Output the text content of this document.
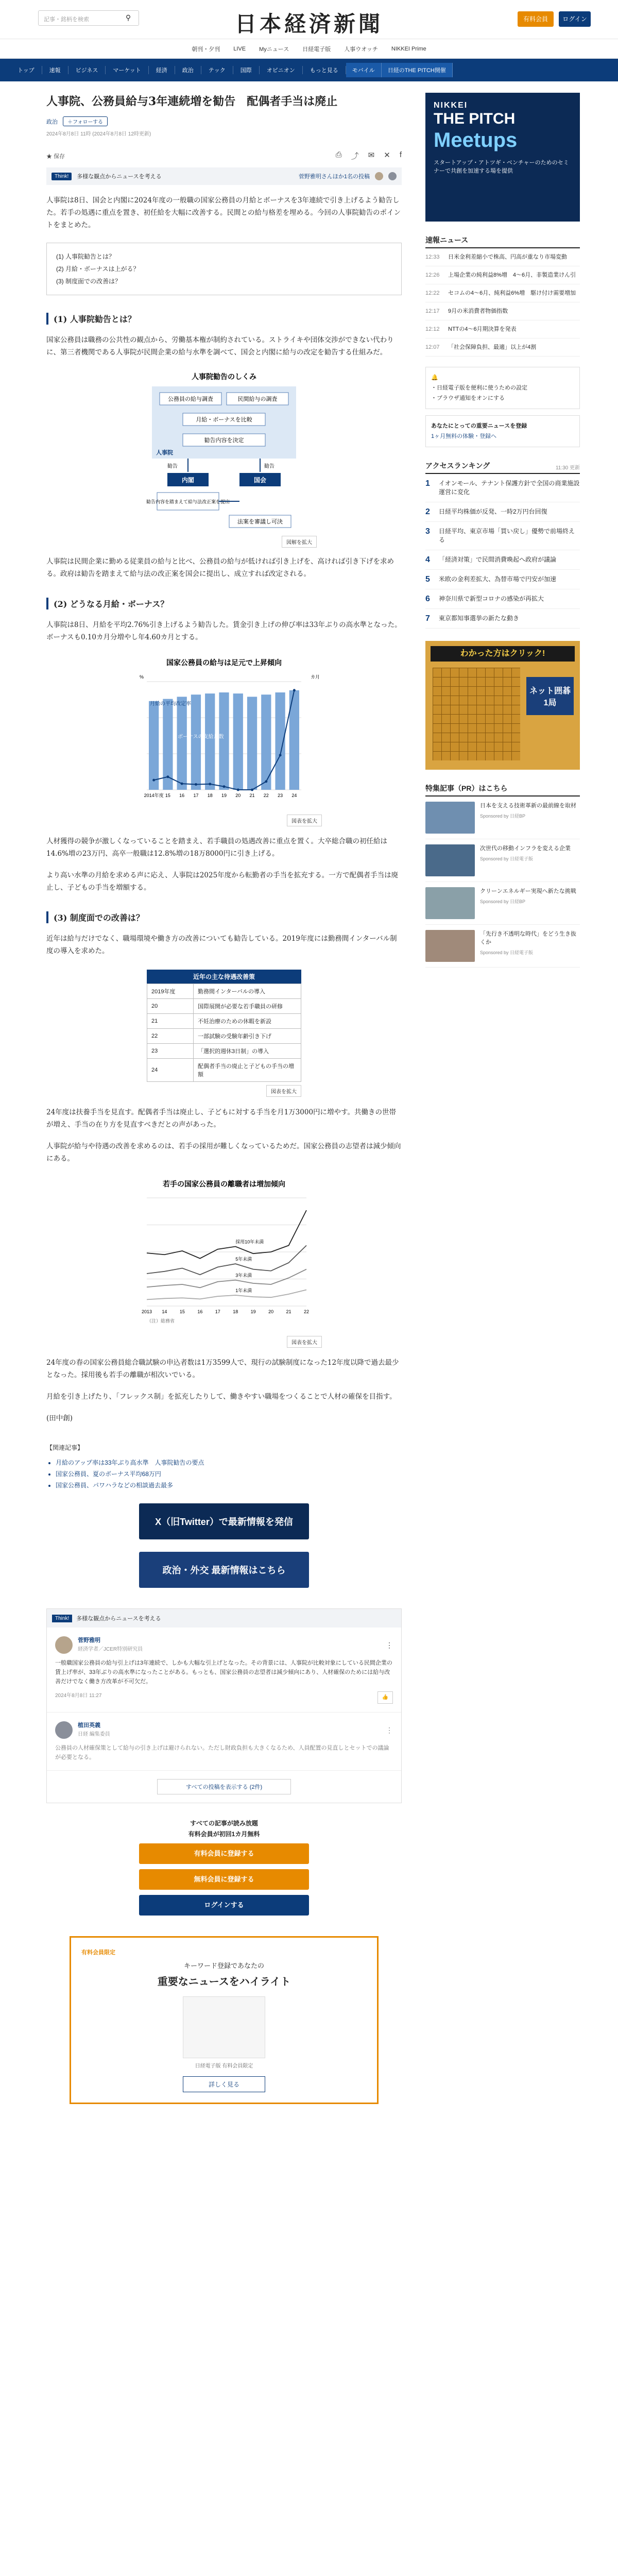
記事・銘柄を検索	⚲	日本経済新聞	有料会員	ログイン
朝刊・夕刊 LIVE Myニュース 日経電子版 人事ウオッチ NIKKEI Prime
トップ	速報	ビジネス	マーケット	経済	政治	テック	国際	オピニオン	もっと見る	モバイル	日経のTHE PITCH開催
人事院、公務員給与3年連続増を勧告　配偶者手当は廃止
政治	＋フォローする
2024年8月8日 11時 (2024年8月8日 12時更新)
★ 保存	⎙ ⤴ ✉ ✕ f
Think!	多様な観点からニュースを考える	菅野雅明さんほか1名の投稿

人事院は8日、国会と内閣に2024年度の一般職の国家公務員の月給とボーナスを3年連続で引き上げるよう勧告した。若手の処遇に重点を置き、初任給を大幅に改善する。民間との給与格差を埋める。今回の人事院勧告のポイントをまとめた。

(1) 人事院勧告とは？
(2) 月給・ボーナスは上がる？
(3) 制度面での改善は？
(1) 人事院勧告とは？

国家公務員は職務の公共性の観点から、労働基本権が制約されている。ストライキや団体交渉ができない代わりに、第三者機関である人事院が民間企業の給与水準を調べて、国会と内閣に給与の改定を勧告する仕組みだ。

人事院勧告のしくみ
公務員の給与調査	民間給与の調査
月給・ボーナスを比較
勧告内容を決定
人事院
勧告	勧告
内閣	国会
勧告内容を踏まえて給与法改正案を提出
法案を審議し可決
図解を拡大

人事院は民間企業に勤める従業員の給与と比べ、公務員の給与が低ければ引き上げを、高ければ引き下げを求める。政府は勧告を踏まえて給与法の改正案を国会に提出し、成立すれば改定される。

(2) どうなる月給・ボーナス？

人事院は8日、月給を平均2.76%引き上げるよう勧告した。賃金引き上げの伸び率は33年ぶりの高水準となった。ボーナスも0.10カ月分増やし年4.60カ月とする。

国家公務員の給与は足元で上昇傾向
2014年度 15 16 17 18 19 20 21 22 23 24
月給の平均改定率
ボーナスの支給月数
%	カ月
図表を拡大

人材獲得の競争が激しくなっていることを踏まえ、若手職員の処遇改善に重点を置く。大卒総合職の初任給は14.6%増の23万円、高卒一般職は12.8%増の18万8000円に引き上げる。

より高い水準の月給を求める声に応え、人事院は2025年度から転勤者の手当を拡充する。一方で配偶者手当は廃止し、子どもの手当を増額する。

(3) 制度面での改善は？

近年は給与だけでなく、職場環境や働き方の改善についても勧告している。2019年度には勤務間インターバル制度の導入を求めた。

近年の主な待遇改善策
2019年度	勤務間インターバルの導入
20	国際展開が必要な若手職員の研修
21	不妊治療のための休暇を新設
22	一部試験の受験年齢引き下げ
23	「選択的週休3日制」の導入
24	配偶者手当の廃止と子どもの手当の増額
図表を拡大

24年度は扶養手当を見直す。配偶者手当は廃止し、子どもに対する手当を月1万3000円に増やす。共働きの世帯が増え、手当の在り方を見直すべきだとの声があった。

人事院が給与や待遇の改善を求めるのは、若手の採用が難しくなっているためだ。国家公務員の志望者は減少傾向にある。

若手の国家公務員の離職者は増加傾向
採用10年未満
5年未満
3年未満
1年未満
2013 14	15	16	17	18	19	20	21	22
（注）総務省
図表を拡大

24年度の春の国家公務員総合職試験の申込者数は1万3599人で、現行の試験制度になった12年度以降で過去最少となった。採用後も若手の離職が相次いでいる。

月給を引き上げたり、「フレックス制」を拡充したりして、働きやすい職場をつくることで人材の確保を目指す。

(田中創)

【関連記事】
• 月給のアップ率は33年ぶり高水準　人事院勧告の要点
• 国家公務員、夏のボーナス平均68万円
• 国家公務員、パワハラなどの相談過去最多
X（旧Twitter）で最新情報を発信
政治・外交 最新情報はこちら
Think!	多様な観点からニュースを考える
菅野雅明
経済学者／JCER特別研究員
⋮
一般職国家公務員の給与引上げは3年連続で、しかも大幅な引上げとなった。その背景には、人事院が比較対象にしている民間企業の賃上げ率が、33年ぶりの高水準になったことがある。もっとも、国家公務員の志望者は減少傾向にあり、人材確保のためには給与改善だけでなく働き方改革が不可欠だ。
2024年8月8日 11:27	👍
植田英義
日経 編集委員
⋮
公務員の人材確保策として給与の引き上げは避けられない。ただし財政負担も大きくなるため、人員配置の見直しとセットでの議論が必要となる。
すべての投稿を表示する (2件)
すべての記事が読み放題
有料会員が初回1カ月無料
有料会員に登録する
無料会員に登録する
ログインする
有料会員限定
キーワード登録であなたの
重要なニュースをハイライト
日経電子版 有料会員限定
詳しく見る
NIKKEI
THE PITCH
Meetups
スタートアップ・アトツギ・ベンチャーのためのセミナーで共創を加速する場を提供
速報ニュース
12:33	日米金利差縮小で株高、円高が重なり市場変動
12:26	上場企業の純利益8%増　4〜6月、非製造業けん引
12:22	セコムの4〜6月、純利益6%増　駆け付け需要増加
12:17	9月の米消費者物価指数
12:12	NTTの4〜6月期決算を発表
12:07	「社会保障負担、最適」以上が4割
🔔
・日経電子版を便利に使うための設定
・ブラウザ通知をオンにする
あなたにとっての重要ニュースを登録
1ヶ月無料の体験・登録へ
アクセスランキング	11:30 更新
1	イオンモール、テナント保護方針で全国の商業施設運営に変化
2	日経平均株価が反発、一時2万円台回復
3	日経平均、東京市場「買い戻し」優勢で前場終える
4	「経済対策」で民間消費喚起へ政府が議論
5	米欧の金利差拡大、為替市場で円安が加速
6	神奈川県で新型コロナの感染が再拡大
7	東京都知事選挙の新たな動き
わかった方はクリック!
ネット囲碁1局
特集記事（PR）はこちら
日本を支える技術革新の最前線を取材
Sponsored by 日経BP
次世代の移動インフラを変える企業
Sponsored by 日経電子版
クリーンエネルギー実現へ新たな挑戦
Sponsored by 日経BP
「先行き不透明な時代」をどう生き抜くか
Sponsored by 日経電子版
